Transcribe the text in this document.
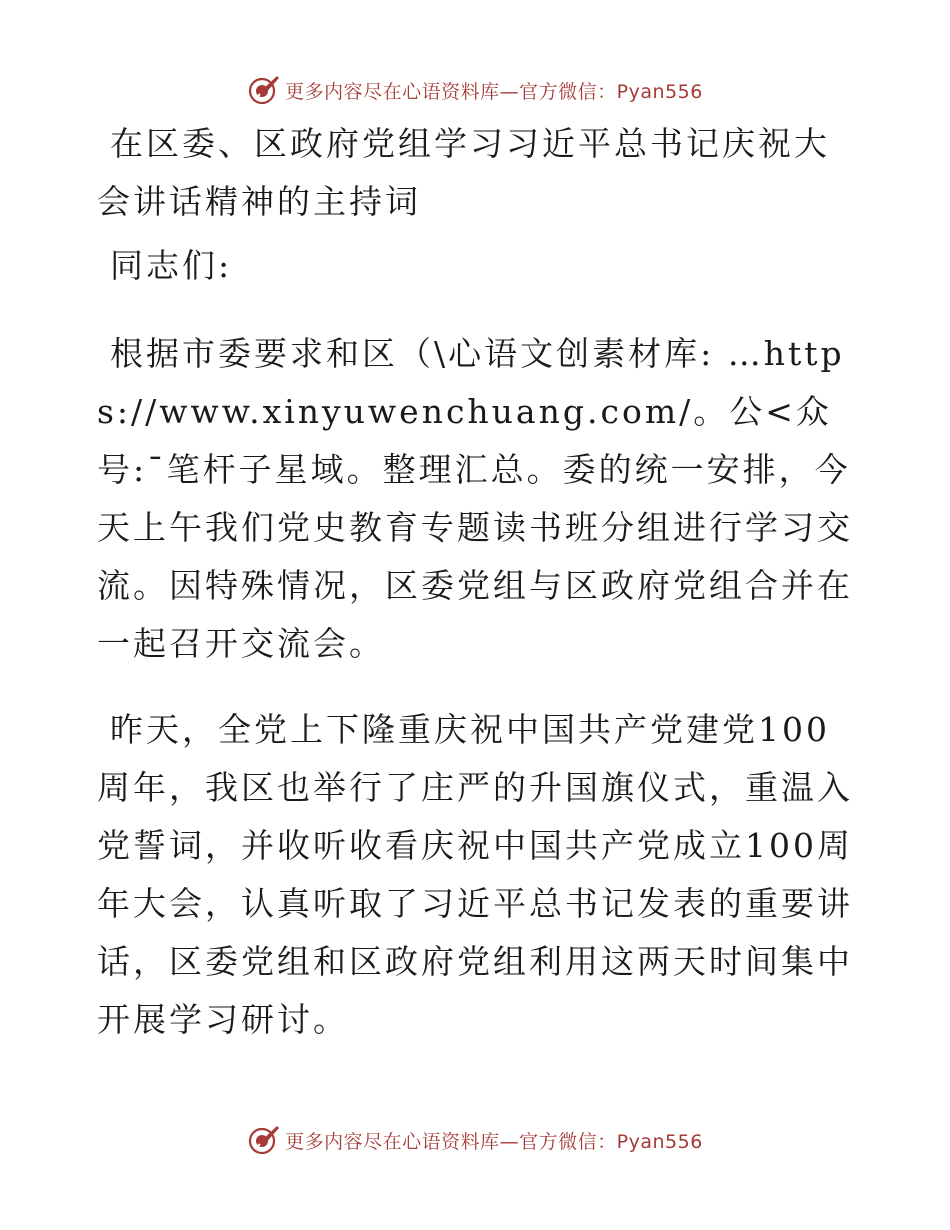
更多内容尽在心语资料库—官方微信：Pyan556

在区委、区政府党组学习习近平总书记庆祝大会讲话精神的主持词

同志们:

根据市委要求和区（\心语文创素材库: …https://www.xinyuwenchuang.com/。公<众号:¯笔杆子星域。整理汇总。委的统一安排，今天上午我们党史教育专题读书班分组进行学习交流。因特殊情况，区委党组与区政府党组合并在一起召开交流会。

昨天，全党上下隆重庆祝中国共产党建党100周年，我区也举行了庄严的升国旗仪式，重温入党誓词，并收听收看庆祝中国共产党成立100周年大会，认真听取了习近平总书记发表的重要讲话，区委党组和区政府党组利用这两天时间集中开展学习研讨。

更多内容尽在心语资料库—官方微信：Pyan556
